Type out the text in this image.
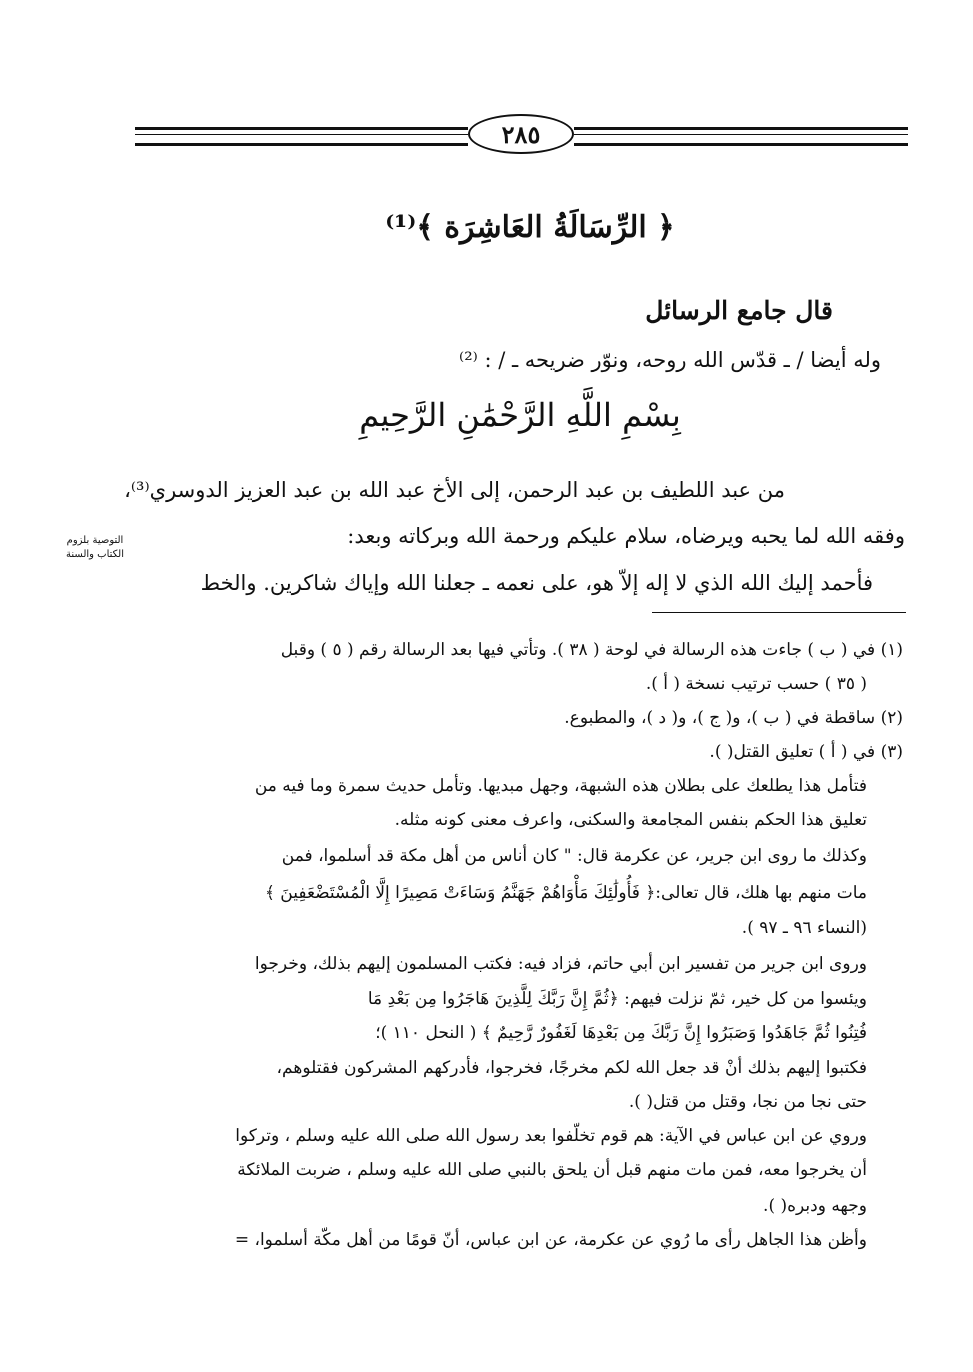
٢٨٥
﴿ الرِّسَالَةُ العَاشِرَة ﴾⁽¹⁾
قال جامع الرسائل
وله أيضا / ـ قدّس الله روحه، ونوّر ضريحه ـ / : ⁽²⁾
بِسْمِ اللَّهِ الرَّحْمَٰنِ الرَّحِيمِ
من عبد اللطيف بن عبد الرحمن، إلى الأخ عبد الله بن عبد العزيز الدوسري⁽³⁾،
وفقه الله لما يحبه ويرضاه، سلام عليكم ورحمة الله وبركاته وبعد:
فأحمد إليك الله الذي لا إله إلاّ هو، على نعمه ـ جعلنا الله وإياك شاكرين. والخط
التوصية بلزوم
الكتاب والسنة
(١) في ( ب ) جاءت هذه الرسالة في لوحة ( ٣٨ ). وتأتي فيها بعد الرسالة رقم ( ٥ ) وقبل
( ٣٥ ) حسب ترتيب نسخة ( أ ).
(٢) ساقطة في ( ب )، و( ج )، و( د )، والمطبوع.
(٣) في ( أ ) تعليق القتل( ).
فتأمل هذا يطلعك على بطلان هذه الشبهة، وجهل مبديها. وتأمل حديث سمرة وما فيه من
تعليق هذا الحكم بنفس المجامعة والسكنى، واعرف معنى كونه مثله.
وكذلك ما روى ابن جرير، عن عكرمة قال: " كان أناس من أهل مكة قد أسلموا، فمن
مات منهم بها هلك، قال تعالى:﴿ فَأُولَٰئِكَ مَأْوَاهُمْ جَهَنَّمُ وَسَاءَتْ مَصِيرًا إِلَّا الْمُسْتَضْعَفِينَ ﴾
(النساء ٩٦ ـ ٩٧ ).
وروى ابن جرير من تفسير ابن أبي حاتم، فزاد فيه: فكتب المسلمون إليهم بذلك، وخرجوا
ويئسوا من كل خير، ثمّ نزلت فيهم: ﴿ثُمَّ إِنَّ رَبَّكَ لِلَّذِينَ هَاجَرُوا مِن بَعْدِ مَا
فُتِنُوا ثُمَّ جَاهَدُوا وَصَبَرُوا إِنَّ رَبَّكَ مِن بَعْدِهَا لَغَفُورٌ رَّحِيمٌ ﴾ ( النحل ١١٠ )؛
فكتبوا إليهم بذلك أنْ قد جعل الله لكم مخرجًا، فخرجوا، فأدركهم المشركون فقتلوهم،
حتى نجا من نجا، وقتل من قتل( ).
وروي عن ابن عباس في الآية: هم قوم تخلّفوا بعد رسول الله صلى الله عليه وسلم ، وتركوا
أن يخرجوا معه، فمن مات منهم قبل أن يلحق بالنبي صلى الله عليه وسلم ، ضربت الملائكة
وجهه ودبره( ).
وأظن هذا الجاهل رأى ما رُوي عن عكرمة، عن ابن عباس، أنّ قومًا من أهل مكّة أسلموا، =
